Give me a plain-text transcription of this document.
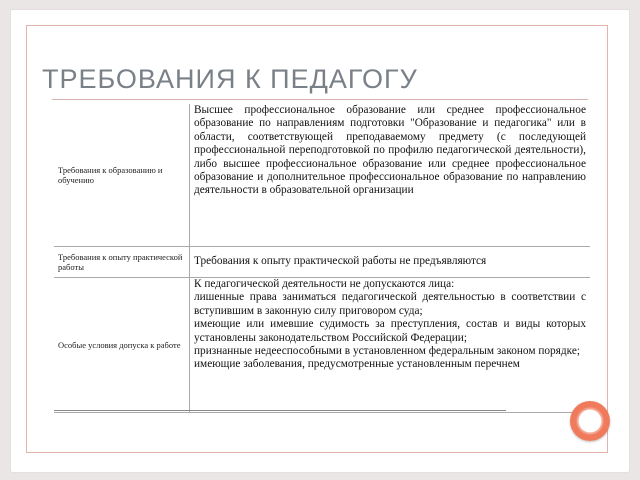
ТРЕБОВАНИЯ К ПЕДАГОГУ
Требования к образованию и обучению
Высшее профессиональное образование или среднее профессиональное образование по направлениям подготовки "Образование и педагогика" или в области, соответствующей преподаваемому предмету (с последующей профессиональной переподготовкой по профилю педагогической деятельности), либо высшее профессиональное образование или среднее профессиональное образование и дополнительное профессиональное образование по направлению деятельности в образовательной организации
Требования к опыту практической работы	Требования к опыту практической работы не предъявляются
Особые условия допуска к работе
К педагогической деятельности не допускаются лица:
лишенные права заниматься педагогической деятельностью в соответствии с вступившим в законную силу приговором суда;
имеющие или имевшие судимость за преступления, состав и виды которых установлены законодательством Российской Федерации;
признанные недееспособными в установленном федеральным законом порядке;
имеющие заболевания, предусмотренные установленным перечнем
